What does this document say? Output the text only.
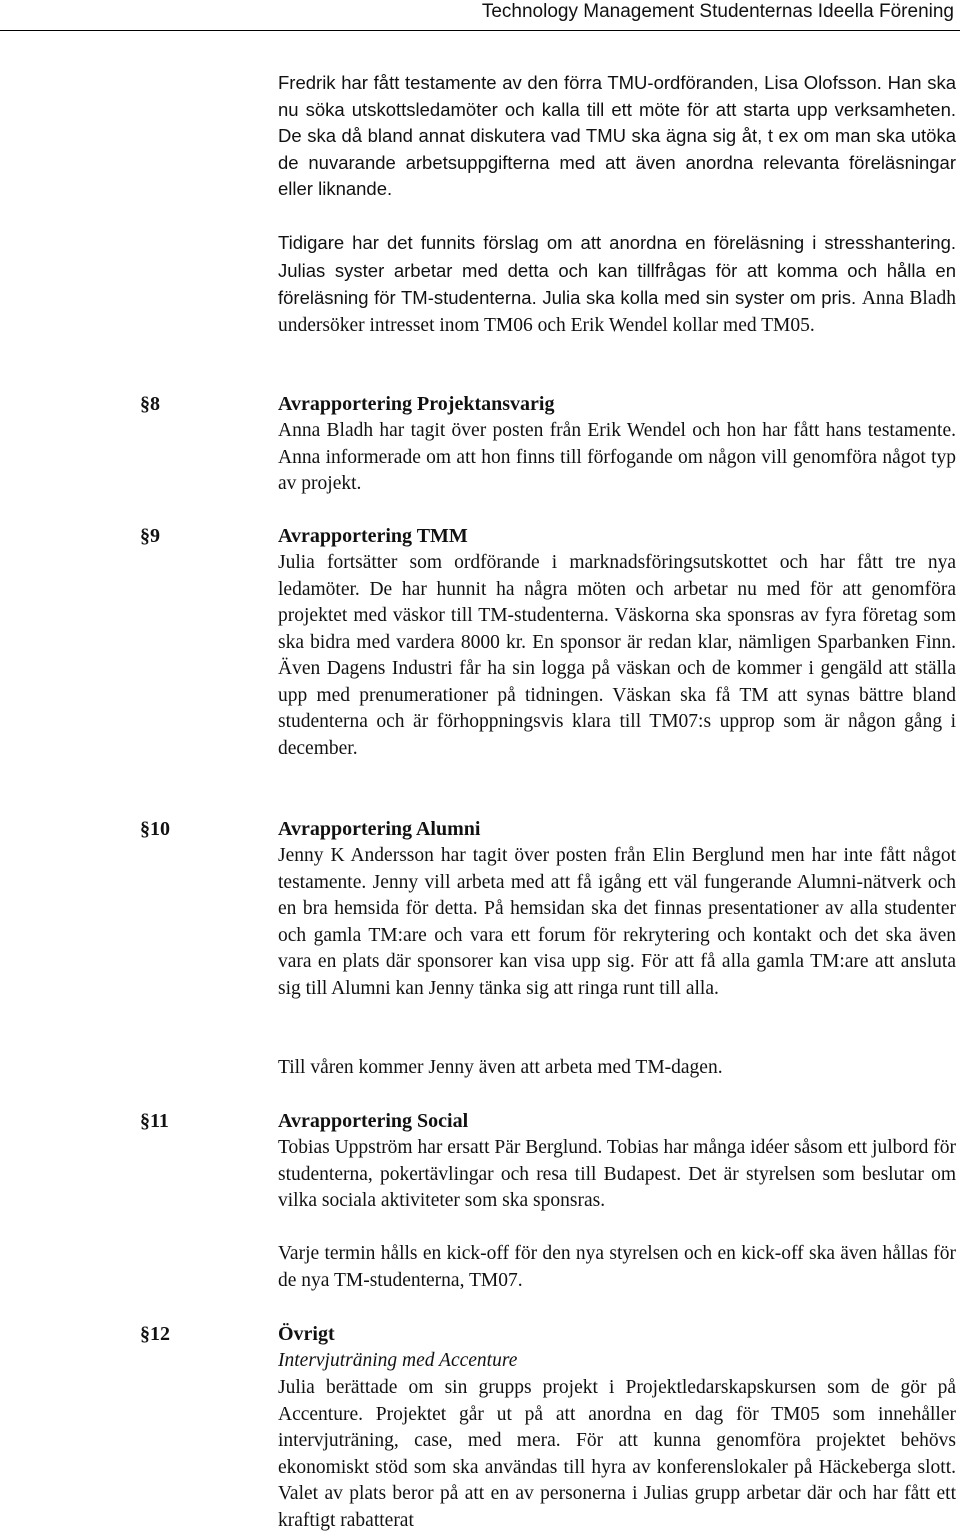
Technology Management Studenternas Ideella Förening

Fredrik har fått testamente av den förra TMU-ordföranden, Lisa Olofsson. Han ska nu söka utskottsledamöter och kalla till ett möte för att starta upp verksamheten. De ska då bland annat diskutera vad TMU ska ägna sig åt, t ex om man ska utöka de nuvarande arbetsuppgifterna med att även anordna relevanta föreläsningar eller liknande.

Tidigare har det funnits förslag om att anordna en föreläsning i stresshantering. Julias syster arbetar med detta och kan tillfrågas för att komma och hålla en föreläsning för TM-studenterna. Julia ska kolla med sin syster om pris. Anna Bladh undersöker intresset inom TM06 och Erik Wendel kollar med TM05.

§8	Avrapportering Projektansvarig

Anna Bladh har tagit över posten från Erik Wendel och hon har fått hans testamente. Anna informerade om att hon finns till förfogande om någon vill genomföra något typ av projekt.

§9	Avrapportering TMM

Julia fortsätter som ordförande i marknadsföringsutskottet och har fått tre nya ledamöter. De har hunnit ha några möten och arbetar nu med för att genomföra projektet med väskor till TM-studenterna. Väskorna ska sponsras av fyra företag som ska bidra med vardera 8000 kr. En sponsor är redan klar, nämligen Sparbanken Finn. Även Dagens Industri får ha sin logga på väskan och de kommer i gengäld att ställa upp med prenumerationer på tidningen. Väskan ska få TM att synas bättre bland studenterna och är förhoppningsvis klara till TM07:s upprop som är någon gång i december.

§10	Avrapportering Alumni

Jenny K Andersson har tagit över posten från Elin Berglund men har inte fått något testamente. Jenny vill arbeta med att få igång ett väl fungerande Alumni-nätverk och en bra hemsida för detta. På hemsidan ska det finnas presentationer av alla studenter och gamla TM:are och vara ett forum för rekrytering och kontakt och det ska även vara en plats där sponsorer kan visa upp sig. För att få alla gamla TM:are att ansluta sig till Alumni kan Jenny tänka sig att ringa runt till alla.

Till våren kommer Jenny även att arbeta med TM-dagen.

§11	Avrapportering Social

Tobias Uppström har ersatt Pär Berglund. Tobias har många idéer såsom ett julbord för studenterna, pokertävlingar och resa till Budapest. Det är styrelsen som beslutar om vilka sociala aktiviteter som ska sponsras.

Varje termin hålls en kick-off för den nya styrelsen och en kick-off ska även hållas för de nya TM-studenterna, TM07.

§12	Övrigt
Intervjuträning med Accenture

Julia berättade om sin grupps projekt i Projektledarskapskursen som de gör på Accenture. Projektet går ut på att anordna en dag för TM05 som innehåller intervjuträning, case, med mera. För att kunna genomföra projektet behövs ekonomiskt stöd som ska användas till hyra av konferenslokaler på Häckeberga slott. Valet av plats beror på att en av personerna i Julias grupp arbetar där och har fått ett kraftigt rabatterat
